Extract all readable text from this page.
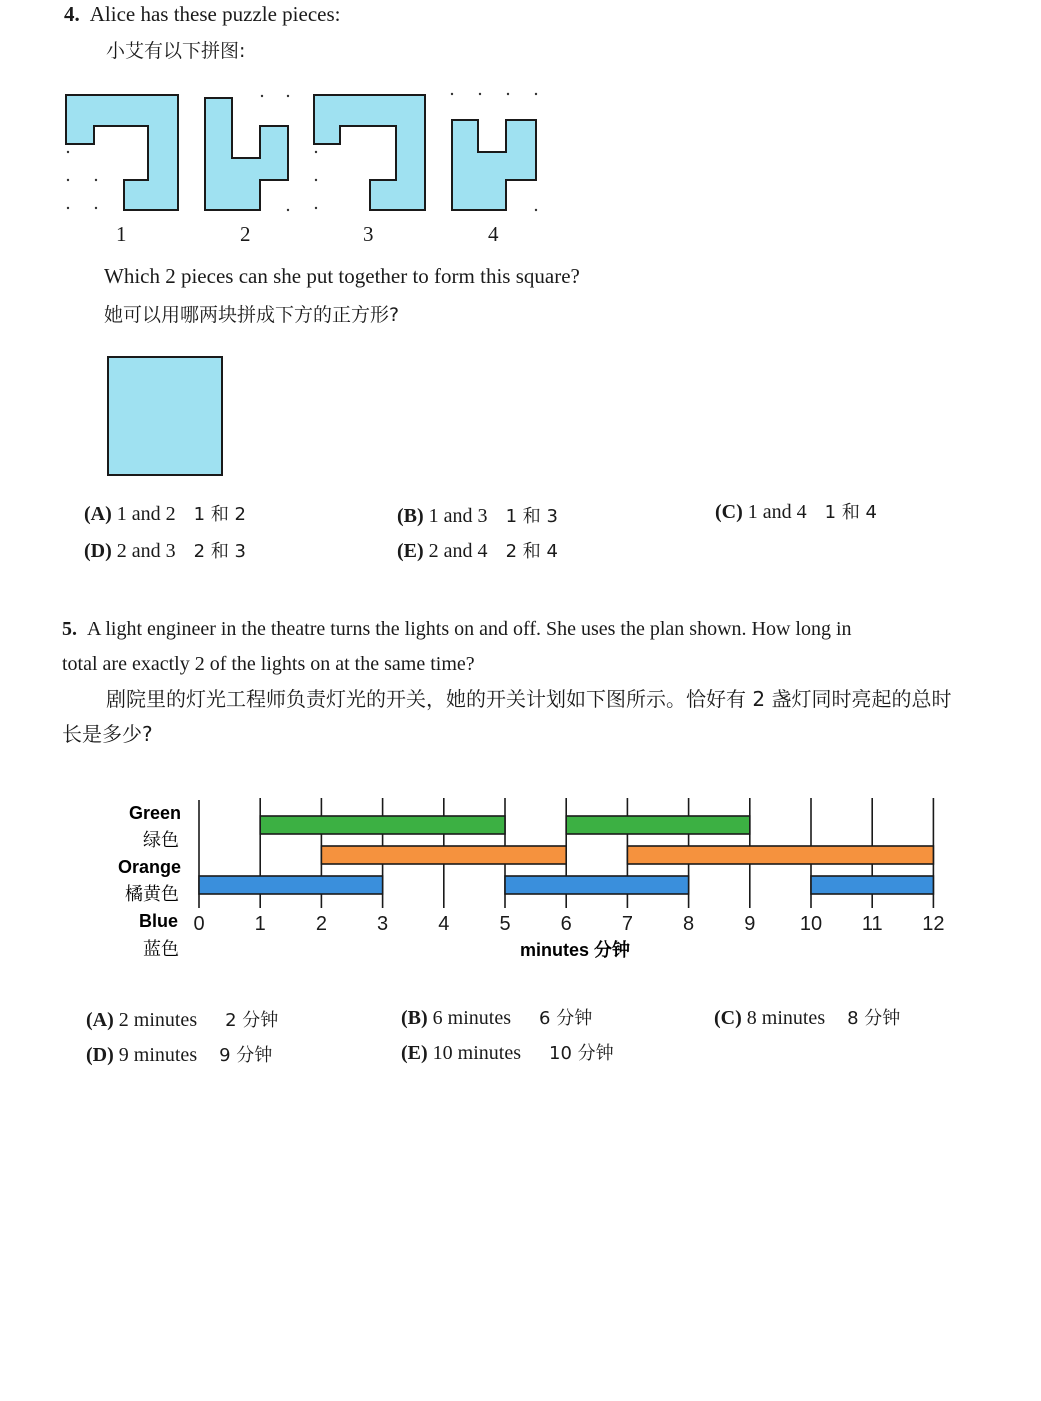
4. Alice has these puzzle pieces:
小艾有以下拼图:
1	2	3	4
Which 2 pieces can she put together to form this square?
她可以用哪两块拼成下方的正方形?
(A) 1 and 2 1 和 2	(B) 1 and 3 1 和 3	(C) 1 and 4 1 和 4
(D) 2 and 3 2 和 3	(E) 2 and 4 2 和 4
5. A light engineer in the theatre turns the lights on and off. She uses the plan shown. How long in
total are exactly 2 of the lights on at the same time?
剧院里的灯光工程师负责灯光的开关，她的开关计划如下图所示。恰好有 2 盏灯同时亮起的总时
长是多少?
0	1	2	3	4	5	6	7	8	9 10 11 12
Green
绿色
Orange
橘黄色
Blue
蓝色	minutes 分钟
(A) 2 minutes 2 分钟	(B) 6 minutes 6 分钟	(C) 8 minutes 8 分钟
(D) 9 minutes 9 分钟	(E) 10 minutes 10 分钟
